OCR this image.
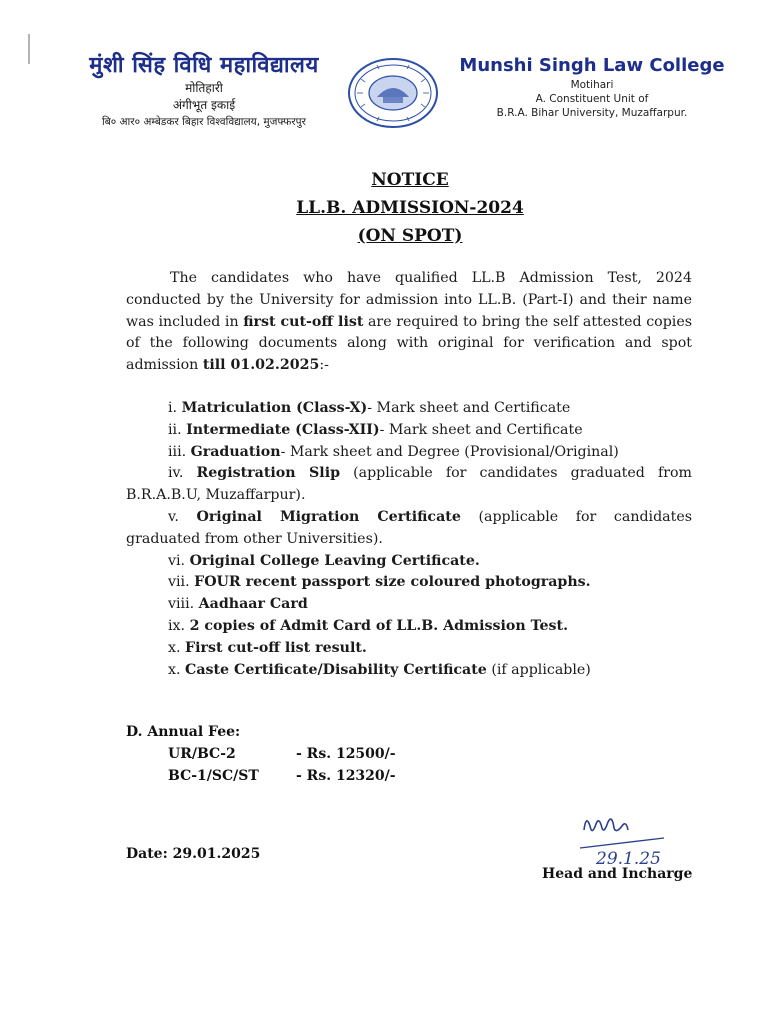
मुंशी सिंह विधि महाविद्यालय
मोतिहारी
अंगीभूत इकाई
बि० आर० अम्बेडकर बिहार विश्वविद्यालय, मुजफ्फरपुर
Munshi Singh Law College
Motihari
A. Constituent Unit of
B.R.A. Bihar University, Muzaffarpur.
NOTICE
LL.B. ADMISSION-2024
(ON SPOT)
The candidates who have qualified LL.B Admission Test, 2024 conducted by the University for admission into LL.B. (Part-I) and their name was included in first cut-off list are required to bring the self attested copies of the following documents along with original for verification and spot admission till 01.02.2025:-
i. Matriculation (Class-X)- Mark sheet and Certificate
ii. Intermediate (Class-XII)- Mark sheet and Certificate
iii. Graduation- Mark sheet and Degree (Provisional/Original)
iv. Registration Slip (applicable for candidates graduated from B.R.A.B.U, Muzaffarpur).
v. Original Migration Certificate (applicable for candidates graduated from other Universities).
vi. Original College Leaving Certificate.
vii. FOUR recent passport size coloured photographs.
viii. Aadhaar Card
ix. 2 copies of Admit Card of LL.B. Admission Test.
x. First cut-off list result.
x. Caste Certificate/Disability Certificate (if applicable)
D. Annual Fee:
UR/BC-2	- Rs. 12500/-
BC-1/SC/ST	- Rs. 12320/-
Date: 29.01.2025	29.1.25
Head and Incharge
